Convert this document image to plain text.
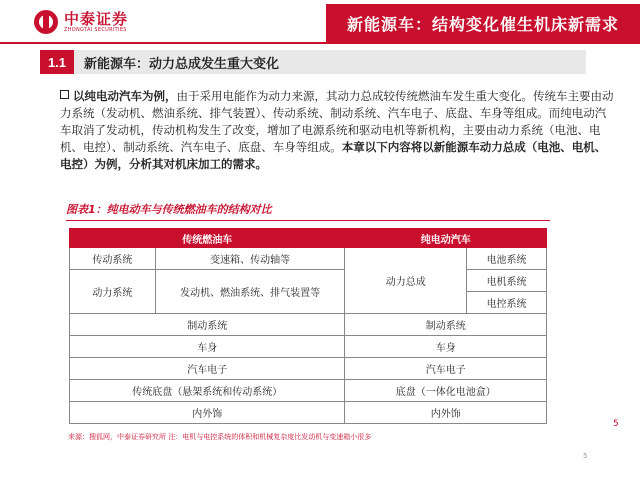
中泰证券
ZHONGTAI SECURITIES	新能源车：结构变化催生机床新需求
1.1	新能源车：动力总成发生重大变化
以纯电动汽车为例，由于采用电能作为动力来源，其动力总成较传统燃油车发生重大变化。传统车主要由动力系统（发动机、燃油系统、排气装置）、传动系统、制动系统、汽车电子、底盘、车身等组成。而纯电动汽车取消了发动机，传动机构发生了改变，增加了电源系统和驱动电机等新机构，主要由动力系统（电池、电机、电控）、制动系统、汽车电子、底盘、车身等组成。本章以下内容将以新能源车动力总成（电池、电机、电控）为例，分析其对机床加工的需求。
图表1：纯电动车与传统燃油车的结构对比
传统燃油车		纯电动汽车	
传动系统	变速箱、传动轴等	动力总成	电池系统
动力系统	发动机、燃油系统、排气装置等		电机系统
			电控系统
制动系统		制动系统	
车身		车身	
汽车电子		汽车电子	
传统底盘（悬架系统和传动系统）		底盘（一体化电池盒）	
内外饰		内外饰	
来源：搜狐网，中泰证券研究所 注：电机与电控系统的体积和机械复杂度比发动机与变速箱小很多
5
5
